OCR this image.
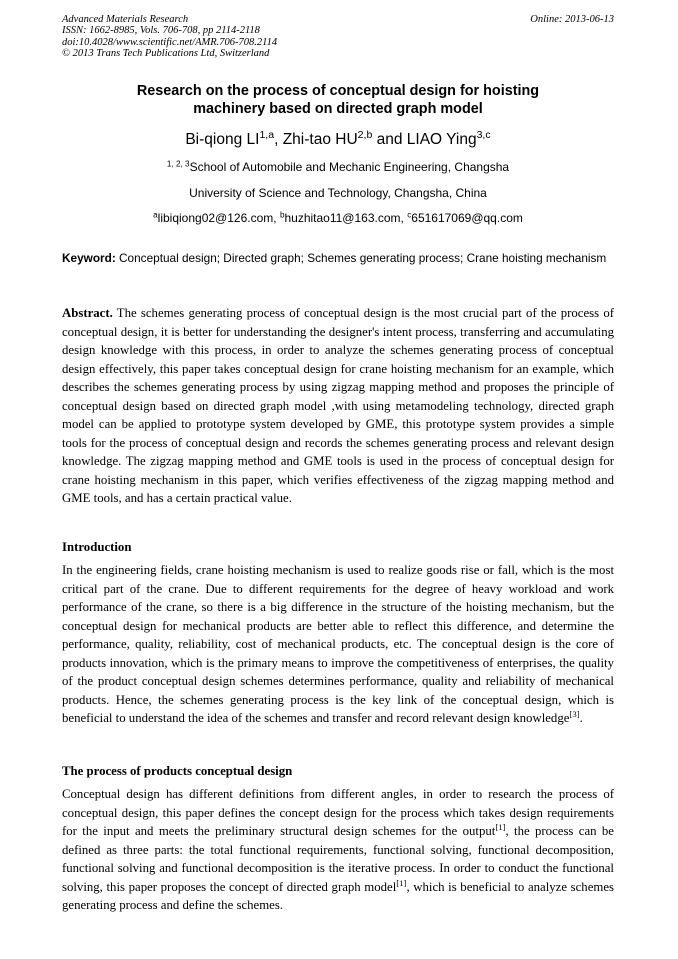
Advanced Materials Research
ISSN: 1662-8985, Vols. 706-708, pp 2114-2118
doi:10.4028/www.scientific.net/AMR.706-708.2114
© 2013 Trans Tech Publications Ltd, Switzerland
Online: 2013-06-13
Research on the process of conceptual design for hoisting
machinery based on directed graph model
Bi-qiong LI$^{1,a}$, Zhi-tao HU$^{2,b}$ and LIAO Ying$^{3,c}$
$^{1, 2, 3}$School of Automobile and Mechanic Engineering, Changsha
University of Science and Technology, Changsha, China
$^a$libiqiong02@126.com, $^b$huzhitao11@163.com, $^c$651617069@qq.com
Keyword: Conceptual design; Directed graph; Schemes generating process; Crane hoisting mechanism
Abstract. The schemes generating process of conceptual design is the most crucial part of the process of conceptual design, it is better for understanding the designer's intent process, transferring and accumulating design knowledge with this process, in order to analyze the schemes generating process of conceptual design effectively, this paper takes conceptual design for crane hoisting mechanism for an example, which describes the schemes generating process by using zigzag mapping method and proposes the principle of conceptual design based on directed graph model ,with using metamodeling technology, directed graph model can be applied to prototype system developed by GME, this prototype system provides a simple tools for the process of conceptual design and records the schemes generating process and relevant design knowledge. The zigzag mapping method and GME tools is used in the process of conceptual design for crane hoisting mechanism in this paper, which verifies effectiveness of the zigzag mapping method and GME tools, and has a certain practical value.
Introduction
In the engineering fields, crane hoisting mechanism is used to realize goods rise or fall, which is the most critical part of the crane. Due to different requirements for the degree of heavy workload and work performance of the crane, so there is a big difference in the structure of the hoisting mechanism, but the conceptual design for mechanical products are better able to reflect this difference, and determine the performance, quality, reliability, cost of mechanical products, etc. The conceptual design is the core of products innovation, which is the primary means to improve the competitiveness of enterprises, the quality of the product conceptual design schemes determines performance, quality and reliability of mechanical products. Hence, the schemes generating process is the key link of the conceptual design, which is beneficial to understand the idea of the schemes and transfer and record relevant design knowledge[3].
The process of products conceptual design
Conceptual design has different definitions from different angles, in order to research the process of conceptual design, this paper defines the concept design for the process which takes design requirements for the input and meets the preliminary structural design schemes for the output[1], the process can be defined as three parts: the total functional requirements, functional solving, functional decomposition, functional solving and functional decomposition is the iterative process. In order to conduct the functional solving, this paper proposes the concept of directed graph model[1], which is beneficial to analyze schemes generating process and define the schemes.
